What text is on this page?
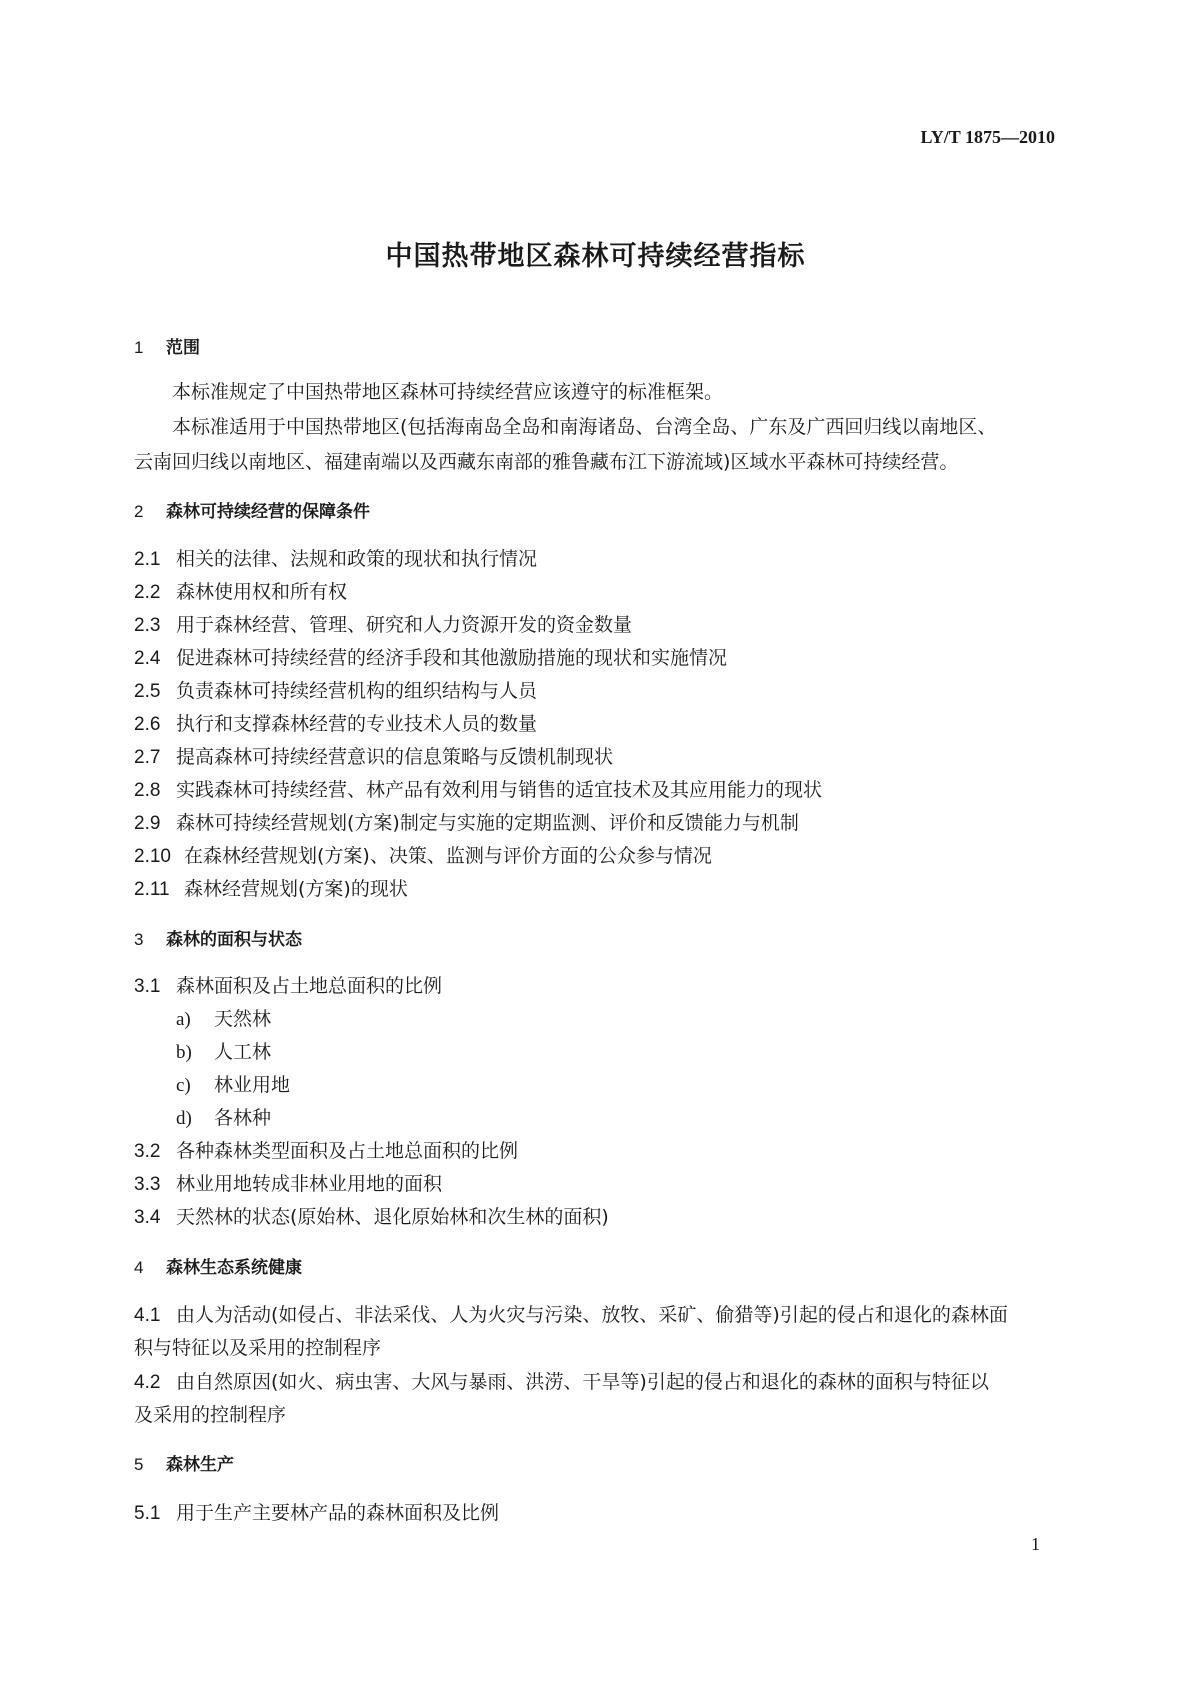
LY/T 1875—2010
中国热带地区森林可持续经营指标
1 范围
本标准规定了中国热带地区森林可持续经营应该遵守的标准框架。
本标准适用于中国热带地区(包括海南岛全岛和南海诸岛、台湾全岛、广东及广西回归线以南地区、
云南回归线以南地区、福建南端以及西藏东南部的雅鲁藏布江下游流域)区域水平森林可持续经营。
2 森林可持续经营的保障条件
2.1 相关的法律、法规和政策的现状和执行情况
2.2 森林使用权和所有权
2.3 用于森林经营、管理、研究和人力资源开发的资金数量
2.4 促进森林可持续经营的经济手段和其他激励措施的现状和实施情况
2.5 负责森林可持续经营机构的组织结构与人员
2.6 执行和支撑森林经营的专业技术人员的数量
2.7 提高森林可持续经营意识的信息策略与反馈机制现状
2.8 实践森林可持续经营、林产品有效利用与销售的适宜技术及其应用能力的现状
2.9 森林可持续经营规划(方案)制定与实施的定期监测、评价和反馈能力与机制
2.10 在森林经营规划(方案)、决策、监测与评价方面的公众参与情况
2.11 森林经营规划(方案)的现状
3 森林的面积与状态
3.1 森林面积及占土地总面积的比例
a) 天然林
b) 人工林
c) 林业用地
d) 各林种
3.2 各种森林类型面积及占土地总面积的比例
3.3 林业用地转成非林业用地的面积
3.4 天然林的状态(原始林、退化原始林和次生林的面积)
4 森林生态系统健康
4.1 由人为活动(如侵占、非法采伐、人为火灾与污染、放牧、采矿、偷猎等)引起的侵占和退化的森林面
积与特征以及采用的控制程序
4.2 由自然原因(如火、病虫害、大风与暴雨、洪涝、干旱等)引起的侵占和退化的森林的面积与特征以
及采用的控制程序
5 森林生产
5.1 用于生产主要林产品的森林面积及比例
1
